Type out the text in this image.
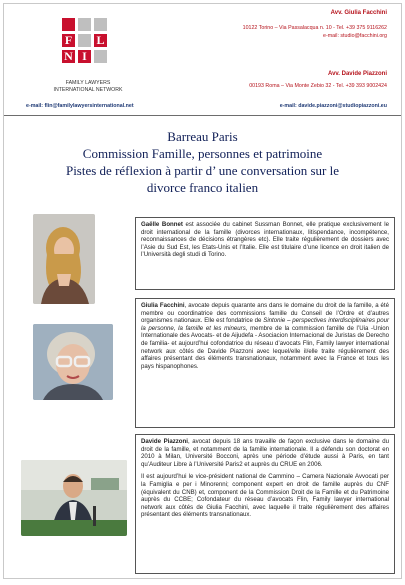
F L
N I
FAMILY LAWYERS
INTERNATIONAL NETWORK
Avv. Giulia Facchini
10122 Torino – Via Passalacqua n. 10 - Tel. +39 375 9116262
e-mail: studio@facchini.org
Avv. Davide Piazzoni
00193 Roma – Via Monte Zebio 32 - Tel. +39 393 9002424
e-mail: flin@familylawyersinternational.net	e-mail: davide.piazzoni@studiopiazzoni.eu
Barreau Paris
Commission Famille, personnes et patrimoine
Pistes de réflexion à partir d’ une conversation sur le
divorce franco italien

Gaëlle Bonnet est associée du cabinet Sussman Bonnet, elle pratique exclusivement le droit international de la famille (divorces internationaux, litispendance, incompétence, reconnaissances de décisions étrangères etc). Elle traite régulièrement de dossiers avec l’Asie du Sud Est, les Etats-Unis et l’Italie. Elle est titulaire d’une licence en droit italien de l’Università degli studi di Torino.

Giulia Facchini, avocate depuis quarante ans dans le domaine du droit de la famille, a été membre ou coordinatrice des commissions famille du Conseil de l’Ordre et d’autres organismes nationaux. Elle est fondatrice de Sintonie – perspectives interdisciplinaires pour la personne, la famille et les mineurs, membre de la commission famille de l’Uia -Union Internationale des Avocats- et de Aijudefa - Asociacion Internacional de Juristas de Derecho de familia- et aujourd’hui cofondatrice du réseau d’avocats Flin, Family lawyer international network aux côtés de Davide Piazzoni avec lequel/elle il/elle traite régulièrement des affaires présentant des éléments transnationaux, notamment avec la France et tous les pays hispanophones.

Davide Piazzoni, avocat depuis 18 ans travaille de façon exclusive dans le domaine du droit de la famille, et notamment de la famille internationale. Il a défendu son doctorat en 2010 à Milan, Université Bocconi, après une période d’étude aussi à Paris, en tant qu’Auditeur Libre à l’Université Paris2 et auprès du CRUE en 2006.

Il est aujourd’hui le vice-président national de Cammino – Camera Nazionale Avvocati per la Famiglia e per i Minorenni; component expert en droit de famille auprès du CNF (équivalent du CNB) et, component de la Commission Droit de la Famille et du Patrimoine auprès du CCBE; Cofondateur du réseau d’avocats Flin, Family lawyer international network aux côtés de Giulia Facchini, avec laquelle il traite régulièrement des affaires présentant des éléments transnationaux.
